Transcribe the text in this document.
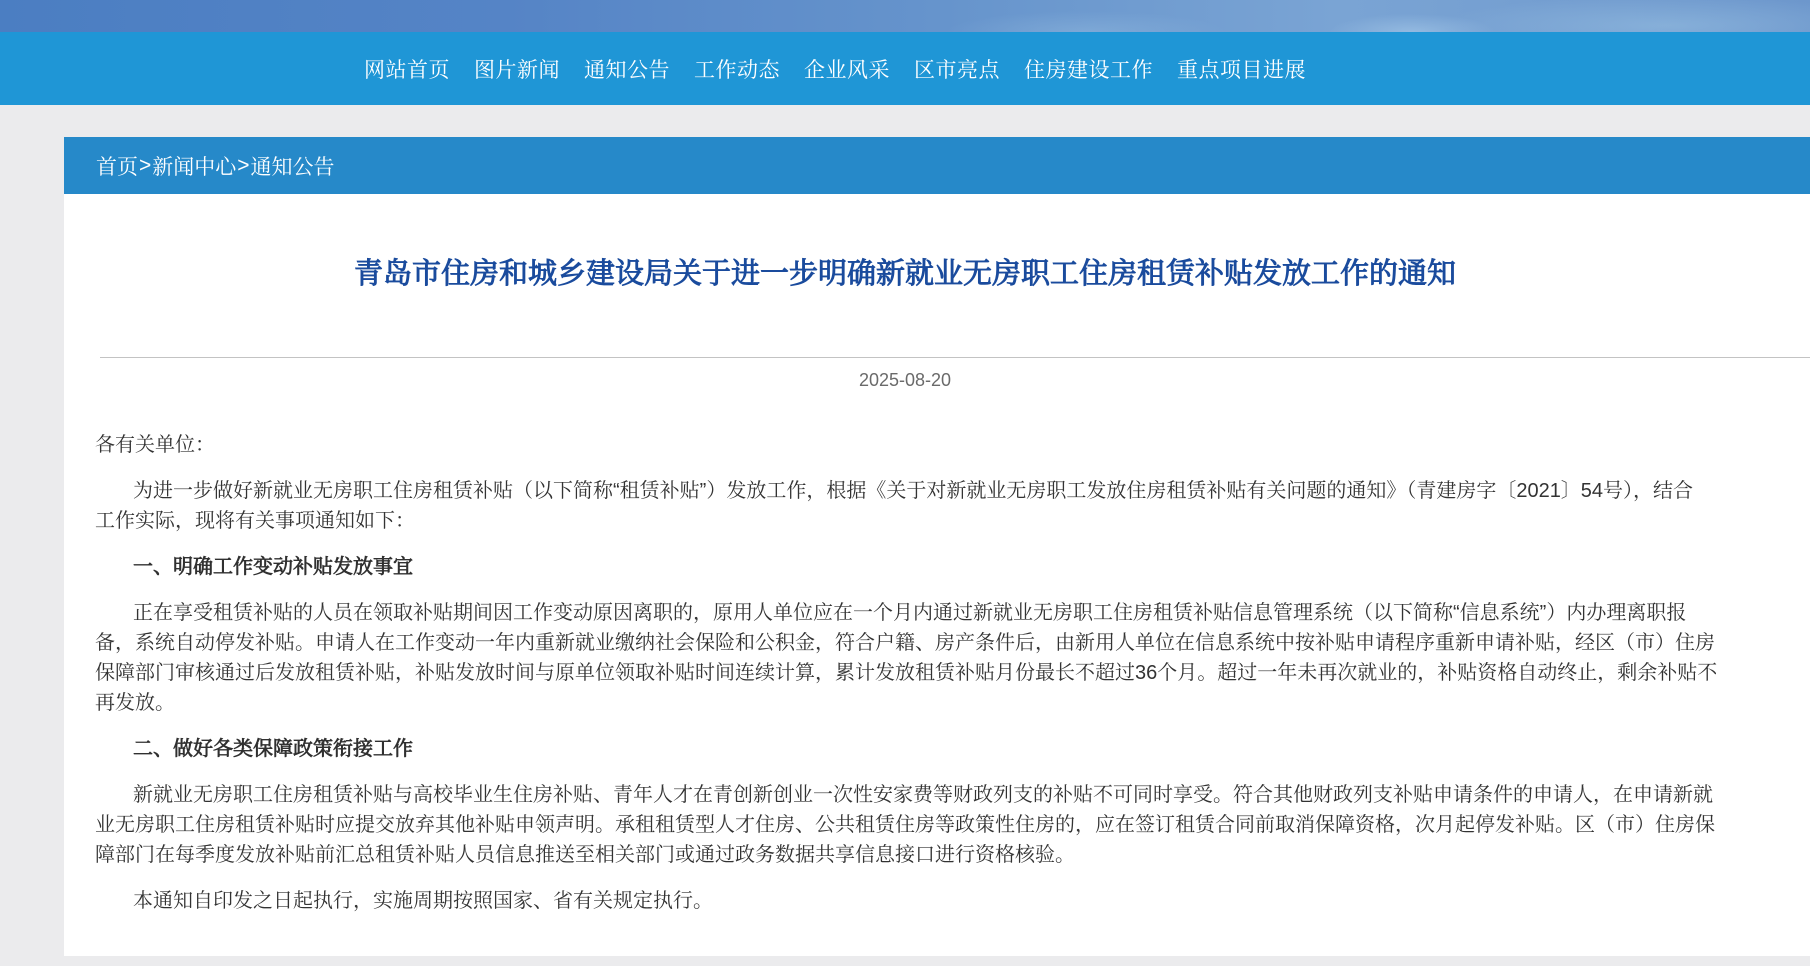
网站首页 图片新闻 通知公告 工作动态 企业风采 区市亮点 住房建设工作 重点项目进展
首页 > 新闻中心 > 通知公告
青岛市住房和城乡建设局关于进一步明确新就业无房职工住房租赁补贴发放工作的通知
2025-08-20
各有关单位：
为进一步做好新就业无房职工住房租赁补贴（以下简称“租赁补贴”）发放工作，根据《关于对新就业无房职工发放住房租赁补贴有关问题的通知》（青建房字〔2021〕54号），结合
工作实际，现将有关事项通知如下：
一、明确工作变动补贴发放事宜
正在享受租赁补贴的人员在领取补贴期间因工作变动原因离职的，原用人单位应在一个月内通过新就业无房职工住房租赁补贴信息管理系统（以下简称“信息系统”）内办理离职报
备，系统自动停发补贴。申请人在工作变动一年内重新就业缴纳社会保险和公积金，符合户籍、房产条件后，由新用人单位在信息系统中按补贴申请程序重新申请补贴，经区（市）住房
保障部门审核通过后发放租赁补贴，补贴发放时间与原单位领取补贴时间连续计算，累计发放租赁补贴月份最长不超过36个月。超过一年未再次就业的，补贴资格自动终止，剩余补贴不
再发放。
二、做好各类保障政策衔接工作
新就业无房职工住房租赁补贴与高校毕业生住房补贴、青年人才在青创新创业一次性安家费等财政列支的补贴不可同时享受。符合其他财政列支补贴申请条件的申请人，在申请新就
业无房职工住房租赁补贴时应提交放弃其他补贴申领声明。承租租赁型人才住房、公共租赁住房等政策性住房的，应在签订租赁合同前取消保障资格，次月起停发补贴。区（市）住房保
障部门在每季度发放补贴前汇总租赁补贴人员信息推送至相关部门或通过政务数据共享信息接口进行资格核验。
本通知自印发之日起执行，实施周期按照国家、省有关规定执行。
